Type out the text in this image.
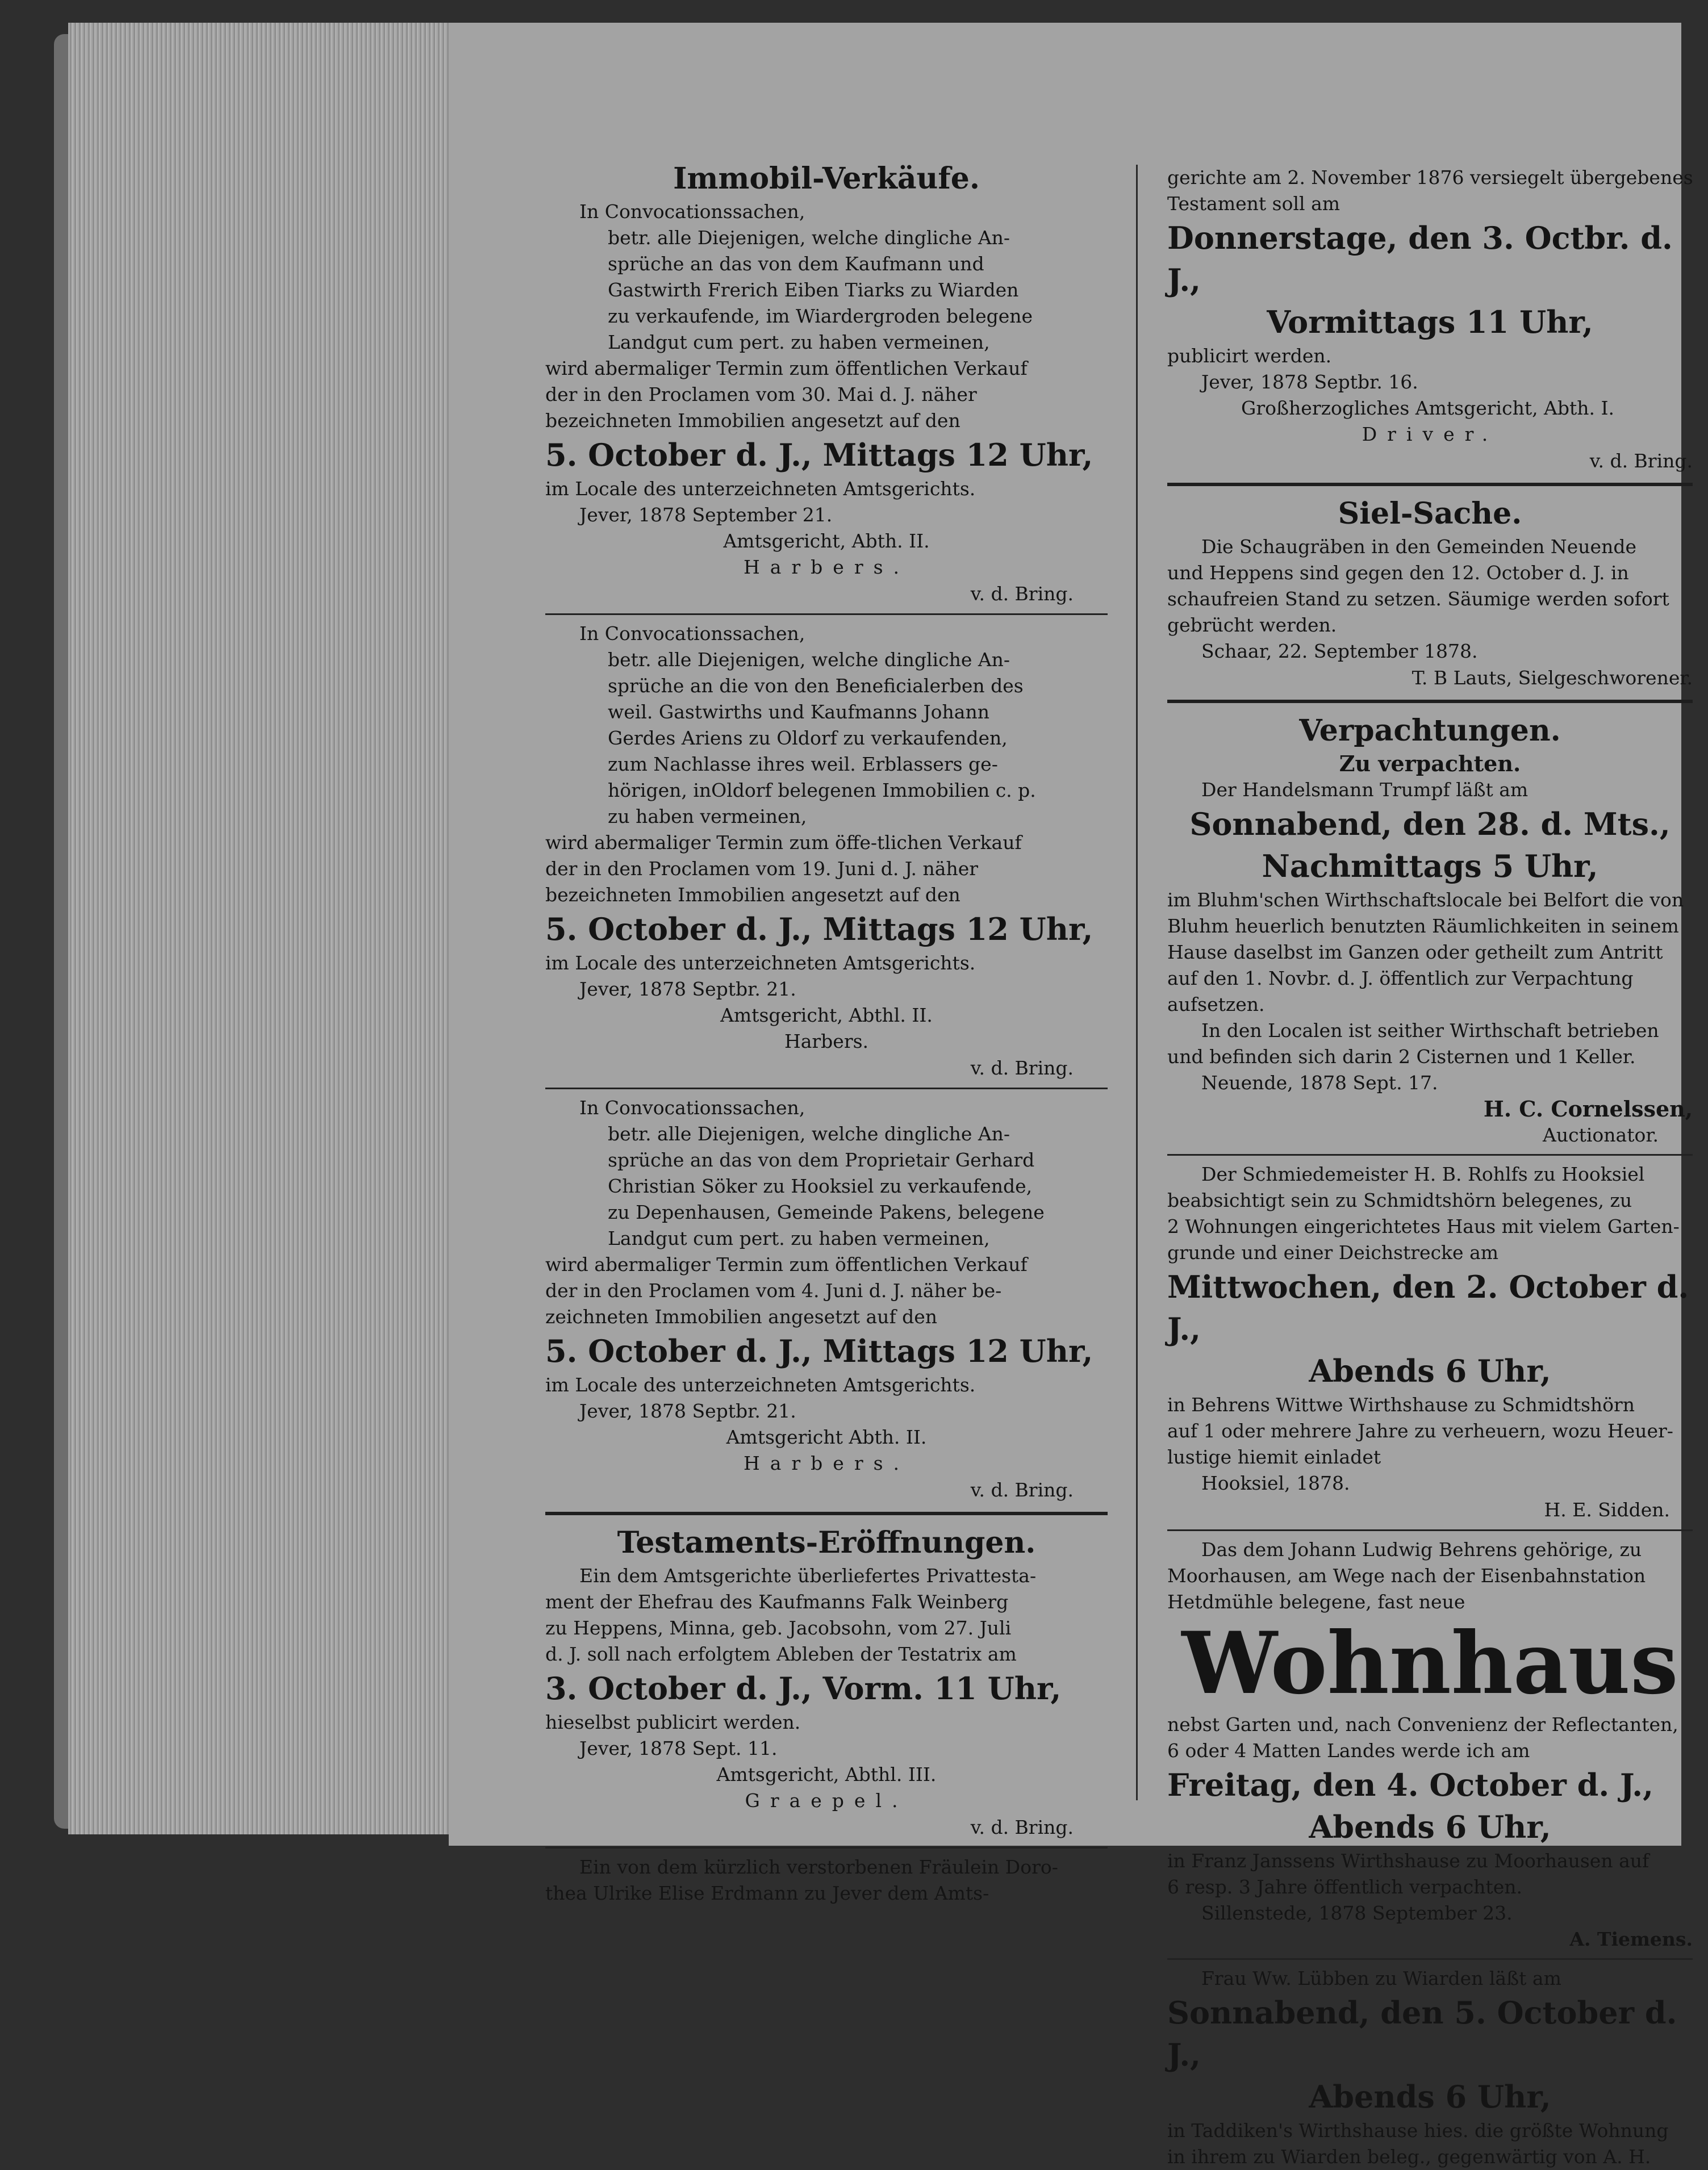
Immobil-Verkäufe.

In Convocationssachen,

betr. alle Diejenigen, welche dingliche An-

sprüche an das von dem Kaufmann und

Gastwirth Frerich Eiben Tiarks zu Wiarden

zu verkaufende, im Wiardergroden belegene

Landgut cum pert. zu haben vermeinen,

wird abermaliger Termin zum öffentlichen Verkauf

der in den Proclamen vom 30. Mai d. J. näher

bezeichneten Immobilien angesetzt auf den

5. October d. J., Mittags 12 Uhr,

im Locale des unterzeichneten Amtsgerichts.

Jever, 1878 September 21.

Amtsgericht, Abth. II.

Harbers.

v. d. Bring.

In Convocationssachen,

betr. alle Diejenigen, welche dingliche An-

sprüche an die von den Beneficialerben des

weil. Gastwirths und Kaufmanns Johann

Gerdes Ariens zu Oldorf zu verkaufenden,

zum Nachlasse ihres weil. Erblassers ge-

hörigen, inOldorf belegenen Immobilien c. p.

zu haben vermeinen,

wird abermaliger Termin zum öffe-tlichen Verkauf

der in den Proclamen vom 19. Juni d. J. näher

bezeichneten Immobilien angesetzt auf den

5. October d. J., Mittags 12 Uhr,

im Locale des unterzeichneten Amtsgerichts.

Jever, 1878 Septbr. 21.

Amtsgericht, Abthl. II.

Harbers.

v. d. Bring.

In Convocationssachen,

betr. alle Diejenigen, welche dingliche An-

sprüche an das von dem Proprietair Gerhard

Christian Söker zu Hooksiel zu verkaufende,

zu Depenhausen, Gemeinde Pakens, belegene

Landgut cum pert. zu haben vermeinen,

wird abermaliger Termin zum öffentlichen Verkauf

der in den Proclamen vom 4. Juni d. J. näher be-

zeichneten Immobilien angesetzt auf den

5. October d. J., Mittags 12 Uhr,

im Locale des unterzeichneten Amtsgerichts.

Jever, 1878 Septbr. 21.

Amtsgericht Abth. II.

Harbers.

v. d. Bring.

Testaments-Eröffnungen.

Ein dem Amtsgerichte überliefertes Privattesta-

ment der Ehefrau des Kaufmanns Falk Weinberg

zu Heppens, Minna, geb. Jacobsohn, vom 27. Juli

d. J. soll nach erfolgtem Ableben der Testatrix am

3. October d. J., Vorm. 11 Uhr,

hieselbst publicirt werden.

Jever, 1878 Sept. 11.

Amtsgericht, Abthl. III.

Graepel.

v. d. Bring.

Ein von dem kürzlich verstorbenen Fräulein Doro-

thea Ulrike Elise Erdmann zu Jever dem Amts-

gerichte am 2. November 1876 versiegelt übergebenes

Testament soll am

Donnerstage, den 3. Octbr. d. J.,

Vormittags 11 Uhr,

publicirt werden.

Jever, 1878 Septbr. 16.

Großherzogliches Amtsgericht, Abth. I.

Driver.

v. d. Bring.

Siel-Sache.

Die Schaugräben in den Gemeinden Neuende

und Heppens sind gegen den 12. October d. J. in

schaufreien Stand zu setzen. Säumige werden sofort

gebrücht werden.

Schaar, 22. September 1878.

T. B Lauts, Sielgeschworener.

Verpachtungen.

Zu verpachten.

Der Handelsmann Trumpf läßt am

Sonnabend, den 28. d. Mts.,

Nachmittags 5 Uhr,

im Bluhm'schen Wirthschaftslocale bei Belfort die von

Bluhm heuerlich benutzten Räumlichkeiten in seinem

Hause daselbst im Ganzen oder getheilt zum Antritt

auf den 1. Novbr. d. J. öffentlich zur Verpachtung

aufsetzen.

In den Localen ist seither Wirthschaft betrieben

und befinden sich darin 2 Cisternen und 1 Keller.

Neuende, 1878 Sept. 17.

H. C. Cornelssen,

Auctionator.

Der Schmiedemeister H. B. Rohlfs zu Hooksiel

beabsichtigt sein zu Schmidtshörn belegenes, zu

2 Wohnungen eingerichtetes Haus mit vielem Garten-

grunde und einer Deichstrecke am

Mittwochen, den 2. October d. J.,

Abends 6 Uhr,

in Behrens Wittwe Wirthshause zu Schmidtshörn

auf 1 oder mehrere Jahre zu verheuern, wozu Heuer-

lustige hiemit einladet

Hooksiel, 1878.

H. E. Sidden.

Das dem Johann Ludwig Behrens gehörige, zu

Moorhausen, am Wege nach der Eisenbahnstation

Hetdmühle belegene, fast neue

Wohnhaus

nebst Garten und, nach Convenienz der Reflectanten,

6 oder 4 Matten Landes werde ich am

Freitag, den 4. October d. J.,

Abends 6 Uhr,

in Franz Janssens Wirthshause zu Moorhausen auf

6 resp. 3 Jahre öffentlich verpachten.

Sillenstede, 1878 September 23.

A. Tiemens.

Frau Ww. Lübben zu Wiarden läßt am

Sonnabend, den 5. October d. J.,

Abends 6 Uhr,

in Taddiken's Wirthshause hies. die größte Wohnung

in ihrem zu Wiarden beleg., gegenwärtig von A. H.
